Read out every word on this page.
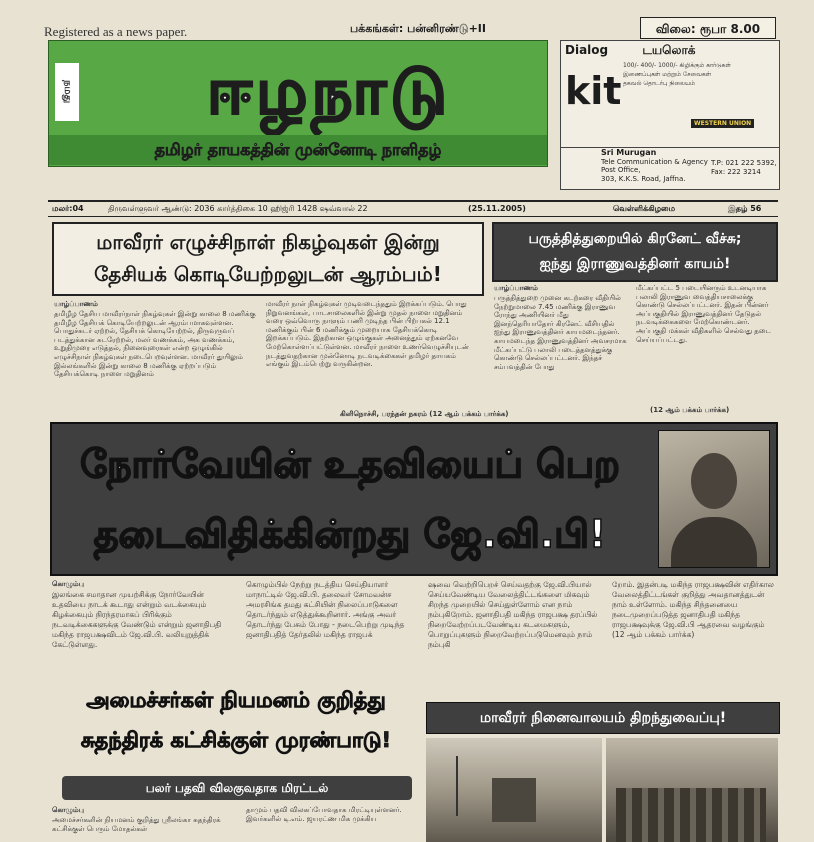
Registered as a news paper.	பக்கங்கள்: பன்னிரண்டு+II	விலை: ரூபா 8.00
நமது	ஈழநாடு
தமிழர் தாயகத்தின் முன்னோடி நாளிதழ்
Dialog	டயலொக்
kit
100/- 400/- 1000/- கிழிக்கும் கார்டுகள்
இணைப்புகள் மற்றும் சேவைகள்
தகவல் தொடர்பு நிலையம்
WESTERN UNION
Sri Murugan
Tele Communication & Agency
Post Office,
303, K.K.S. Road, Jaffna.
T.P: 021 222 5392,
Fax: 222 3214
மலர்:04	திருவள்ளுவர் ஆண்டு: 2036 கார்த்திகை 10 ஹிஜ்ரி 1428 ஷவ்வால் 22	(25.11.2005)	வெள்ளிக்கிழமை	இதழ் 56
மாவீரர் எழுச்சிநாள் நிகழ்வுகள் இன்று
தேசியக் கொடியேற்றலுடன் ஆரம்பம்!
யாழ்ப்பாணம்
தமிழீழ தேசிய மாவீரர்நாள் நிகழ்வுகள் இன்று காலை 8 மணிக்கு தமிழீழ தேசியக் கொடியேற்றலுடன் ஆரம்பமாகவுள்ளன. பொதுச்சுடர் ஏற்றல், தேசியக் கொடியேற்றல், திருவுருவப் படத்துக்கான சுடரேற்றல், மலர் வணக்கம், அக வணக்கம், உறுதிமுரை எடுத்தல், நினைவுரைகள் என்ற ஒழுங்கில் எழுச்சிநாள் நிகழ்வுகள் நடைபெறவுள்ளன. மாவீரர் துயிலும் இல்லங்களில் இன்று காலை 8 மணிக்கு ஏற்றப்படும் தேசியக்கொடி நாளை மறுதினம்
மாவீரர் நாள் நிகழ்வுகள் முடிவடைந்ததும் இறக்கப்படும். பொது நிறுவனங்கள், பாடசாலைகளில் இன்று முதல் நாளை மறுதினம் வரை ஒவ்வொரு நாளும் பணி முடிந்த பின் பிற்பகல் 12.1 மணிக்கும் பின் 6 மணிக்கும் முறையாக தேசியக்கொடி இறக்கப்படும். இதற்கான ஒழுங்குகள் அனைத்தும் ஏற்கனவே மேற்கொள்ளப்பட்டுள்ளன. மாவீரர் நாளை உணர்வெழுச்சியுடன் நடத்துவதற்கான முன்னோடி நடவடிக்கைகள் தமிழர் தாயகம் எங்கும் இடம்பெற்று வருகின்றன.
கிளிநொச்சி, பரந்தன் நகரம் (12 ஆம் பக்கம் பார்க்க)
பருத்தித்துறையில் கிரனேட் வீச்சு;
ஐந்து இராணுவத்தினர் காயம்!
யாழ்ப்பாணம்
பருத்தித்துறை முனை கடற்கரை வீதியில் நேற்றுமாலை 7.45 மணிக்கு இராணுவ ரோந்து அணியினர் மீது இனந்தெரியாதோர் கிரனேட் வீசியதில் ஐந்து இராணுவத்தினர் காயமடைந்தனர். காயமடைந்த இராணுவத்தினர் அவசரமாக மீட்கப்பட்டு பலாலி படைத்தளத்துக்கு கொண்டு செல்லப்பட்டனர். இந்தச் சம்பவத்தின் போது
மீட்கப்பட்ட 5 படையினரும் உடனடியாக பலாலி இராணுவ வைத்தியசாலைக்கு கொண்டு செல்லப்பட்டனர். இதன் பின்னர் அப்பகுதியில் இராணுவத்தினர் தேடுதல் நடவடிக்கைகளை மேற்கொண்டனர். அப்பகுதி மக்கள் வீதிகளில் செல்வது தடை செய்யப்பட்டது.
(12 ஆம் பக்கம் பார்க்க)
நோர்வேயின் உதவியைப் பெற
தடைவிதிக்கின்றது ஜே.வி.பி!
கொழும்பு
இலங்கை சமாதான முயற்சிக்கு நோர்வேயின் உதவியை நாடக் கூடாது என்றும் வடக்கையும் கிழக்கையும் நிரந்தரமாகப் பிரிக்கும் நடவடிக்கைகளுக்கு வேண்டும் என்றும் ஜனாதிபதி மகிந்த ராஜபக்ஷவிடம் ஜே.வி.பி. வலியுறுத்திக் கேட்டுள்ளது.
கொழும்பில் நேற்று நடத்திய செய்தியாளர் மாநாட்டில் ஜே.வி.பி. தலைவர் சோமவன்ச அமரசிங்க தமது கட்சியின் நிலைப்பாடுகளை தொடர்ந்தும் எடுத்துக்கூறினார். அங்கு அவர் தொடர்ந்து பேசும் போது - நடைபெற்று முடிந்த ஜனாதிபதித் தேர்தலில் மகிந்த ராஜபக்
ஷவை வெற்றிபெறச் செய்வதற்கு ஜே.வி.பியால் செய்யவேண்டிய வேலைத்திட்டங்களை மிகவும் சிறந்த முறையில் செய்துள்ளோம் என நாம் நம்புகிறோம். ஜனாதிபதி மகிந்த ராஜபக்ஷ தரப்பில் நிறைவேற்றப்படவேண்டிய கடமைகளும், பொறுப்புகளும் நிறைவேற்றப்படுமெனவும் நாம் நம்புகி
றோம். இதன்படி மகிந்த ராஜபக்ஷவின் எதிர்கால வேலைத்திட்டங்கள் குறித்து அவதானத்துடன் நாம் உள்ளோம். மகிந்த சிந்தனையை நடைமுறைப்படுத்த ஜனாதிபதி மகிந்த ராஜபக்ஷவுக்கு ஜே.வி.பி ஆதரவை வழங்கும் (12 ஆம் பக்கம் பார்க்க)
அமைச்சர்கள் நியமனம் குறித்து
சுதந்திரக் கட்சிக்குள் முரண்பாடு!
பலர் பதவி விலகுவதாக மிரட்டல்
கொழும்பு
அமைச்சர்களின் நியமனம் குறித்து ஸ்ரீலங்கா சுதந்திரக் கட்சிக்குள் பெரும் மோதல்கள்
தாமும் பதவி விலகப்போவதாக மிரட்டியுள்ளனர். இவர்களில் டி.எம். ஜயரட்ண மிக முக்கிய
மாவீரர் நினைவாலயம் திறந்துவைப்பு!
